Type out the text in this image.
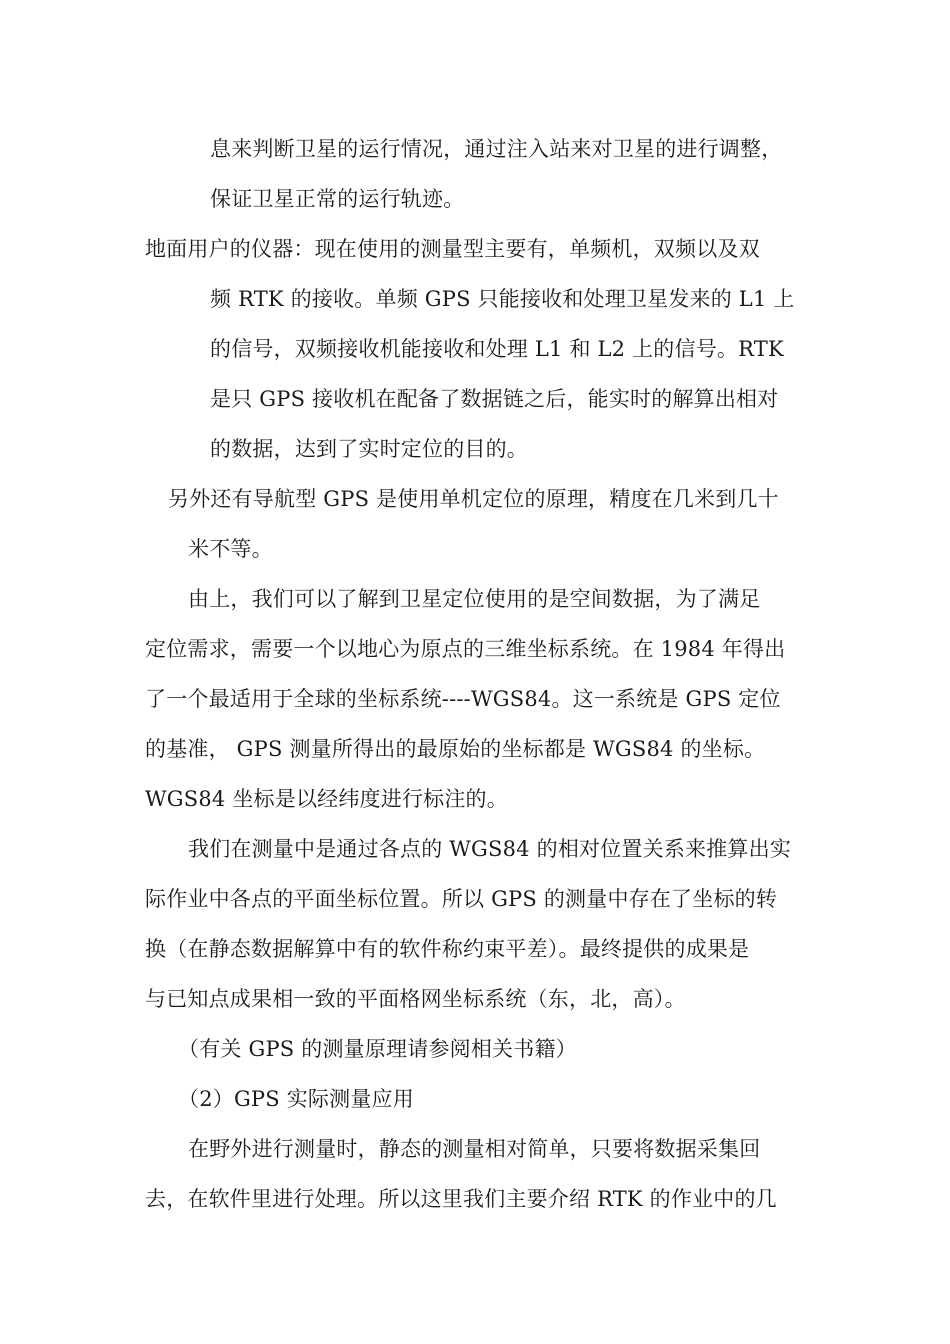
息来判断卫星的运行情况，通过注入站来对卫星的进行调整，
保证卫星正常的运行轨迹。
地面用户的仪器：现在使用的测量型主要有，单频机，双频以及双
频 RTK 的接收。单频 GPS 只能接收和处理卫星发来的 L1 上
的信号，双频接收机能接收和处理 L1 和 L2 上的信号。RTK
是只 GPS 接收机在配备了数据链之后，能实时的解算出相对
的数据，达到了实时定位的目的。
另外还有导航型 GPS 是使用单机定位的原理，精度在几米到几十
米不等。
由上，我们可以了解到卫星定位使用的是空间数据，为了满足
定位需求，需要一个以地心为原点的三维坐标系统。在 1984 年得出
了一个最适用于全球的坐标系统----WGS84。这一系统是 GPS 定位
的基准， GPS 测量所得出的最原始的坐标都是 WGS84 的坐标。
WGS84 坐标是以经纬度进行标注的。
我们在测量中是通过各点的 WGS84 的相对位置关系来推算出实
际作业中各点的平面坐标位置。所以 GPS 的测量中存在了坐标的转
换（在静态数据解算中有的软件称约束平差）。最终提供的成果是
与已知点成果相一致的平面格网坐标系统（东，北，高）。
（有关 GPS 的测量原理请参阅相关书籍）
（2）GPS 实际测量应用
在野外进行测量时，静态的测量相对简单，只要将数据采集回
去，在软件里进行处理。所以这里我们主要介绍 RTK 的作业中的几
